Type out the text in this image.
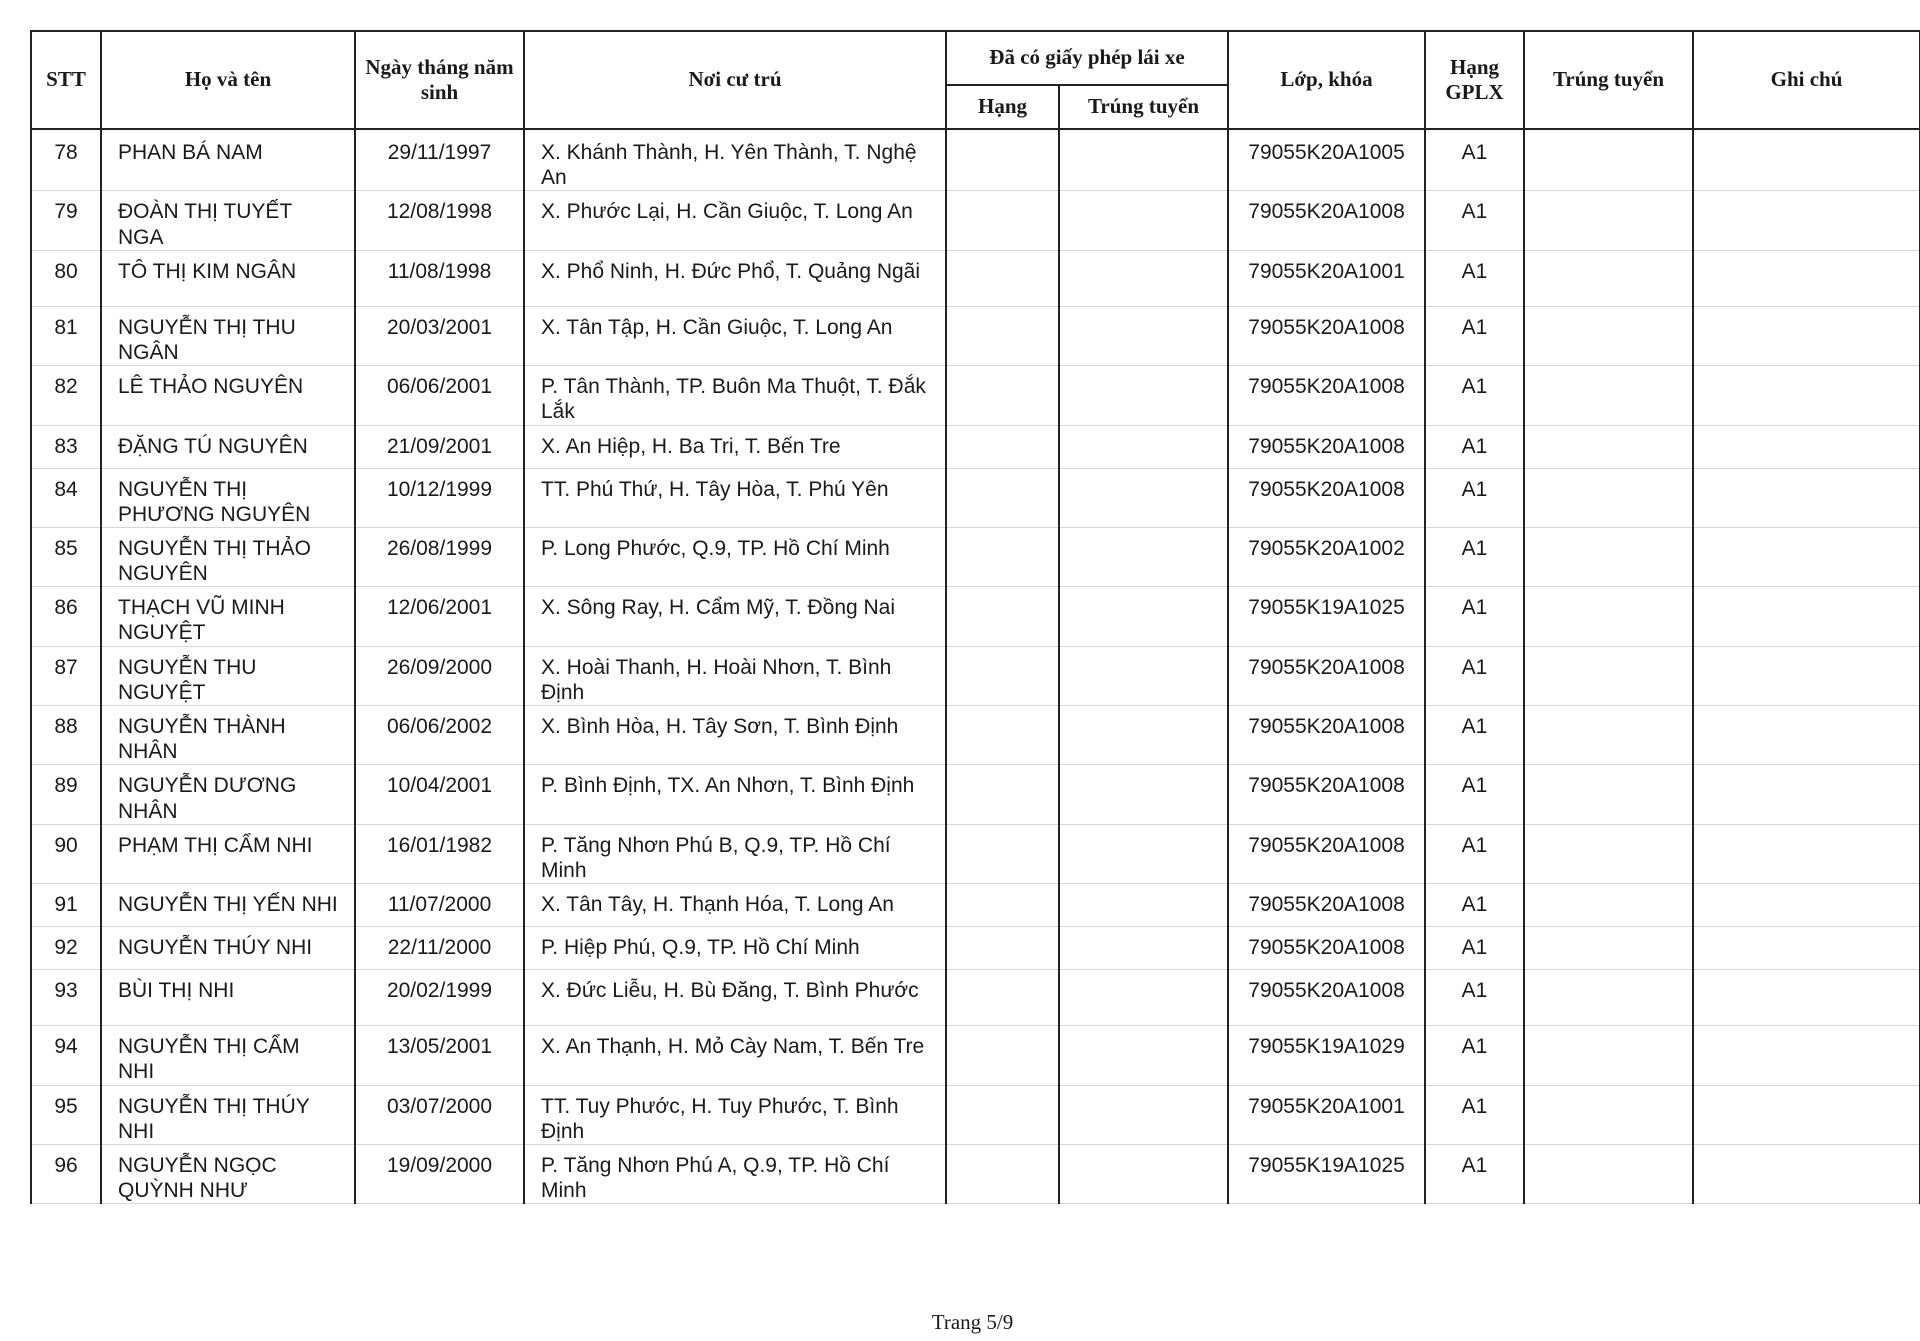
STT	Họ và tên	Ngày tháng năm sinh	Nơi cư trú	Đã có giấy phép lái xe		Lớp, khóa	Hạng GPLX	Trúng tuyển	Ghi chú
				Hạng	Trúng tuyển				
78	PHAN BÁ NAM	29/11/1997	X. Khánh Thành, H. Yên Thành, T. Nghệ An			79055K20A1005	A1		
79	ĐOÀN THỊ TUYẾT NGA	12/08/1998	X. Phước Lại, H. Cần Giuộc, T. Long An			79055K20A1008	A1		
80	TÔ THỊ KIM NGÂN	11/08/1998	X. Phổ Ninh, H. Đức Phổ, T. Quảng Ngãi			79055K20A1001	A1		
81	NGUYỄN THỊ THU NGÂN	20/03/2001	X. Tân Tập, H. Cần Giuộc, T. Long An			79055K20A1008	A1		
82	LÊ THẢO NGUYÊN	06/06/2001	P. Tân Thành, TP. Buôn Ma Thuột, T. Đắk Lắk			79055K20A1008	A1		
83	ĐẶNG TÚ NGUYÊN	21/09/2001	X. An Hiệp, H. Ba Tri, T. Bến Tre			79055K20A1008	A1		
84	NGUYỄN THỊ PHƯƠNG NGUYÊN	10/12/1999	TT. Phú Thứ, H. Tây Hòa, T. Phú Yên			79055K20A1008	A1		
85	NGUYỄN THỊ THẢO NGUYÊN	26/08/1999	P. Long Phước, Q.9, TP. Hồ Chí Minh			79055K20A1002	A1		
86	THẠCH VŨ MINH NGUYỆT	12/06/2001	X. Sông Ray, H. Cẩm Mỹ, T. Đồng Nai			79055K19A1025	A1		
87	NGUYỄN THU NGUYỆT	26/09/2000	X. Hoài Thanh, H. Hoài Nhơn, T. Bình Định			79055K20A1008	A1		
88	NGUYỄN THÀNH NHÂN	06/06/2002	X. Bình Hòa, H. Tây Sơn, T. Bình Định			79055K20A1008	A1		
89	NGUYỄN DƯƠNG NHÂN	10/04/2001	P. Bình Định, TX. An Nhơn, T. Bình Định			79055K20A1008	A1		
90	PHẠM THỊ CẨM NHI	16/01/1982	P. Tăng Nhơn Phú B, Q.9, TP. Hồ Chí Minh			79055K20A1008	A1		
91	NGUYỄN THỊ YẾN NHI	11/07/2000	X. Tân Tây, H. Thạnh Hóa, T. Long An			79055K20A1008	A1		
92	NGUYỄN THÚY NHI	22/11/2000	P. Hiệp Phú, Q.9, TP. Hồ Chí Minh			79055K20A1008	A1		
93	BÙI THỊ NHI	20/02/1999	X. Đức Liễu, H. Bù Đăng, T. Bình Phước			79055K20A1008	A1		
94	NGUYỄN THỊ CẨM NHI	13/05/2001	X. An Thạnh, H. Mỏ Cày Nam, T. Bến Tre			79055K19A1029	A1		
95	NGUYỄN THỊ THÚY NHI	03/07/2000	TT. Tuy Phước, H. Tuy Phước, T. Bình Định			79055K20A1001	A1		
96	NGUYỄN NGỌC QUỲNH NHƯ	19/09/2000	P. Tăng Nhơn Phú A, Q.9, TP. Hồ Chí Minh			79055K19A1025	A1		
Trang 5/9
